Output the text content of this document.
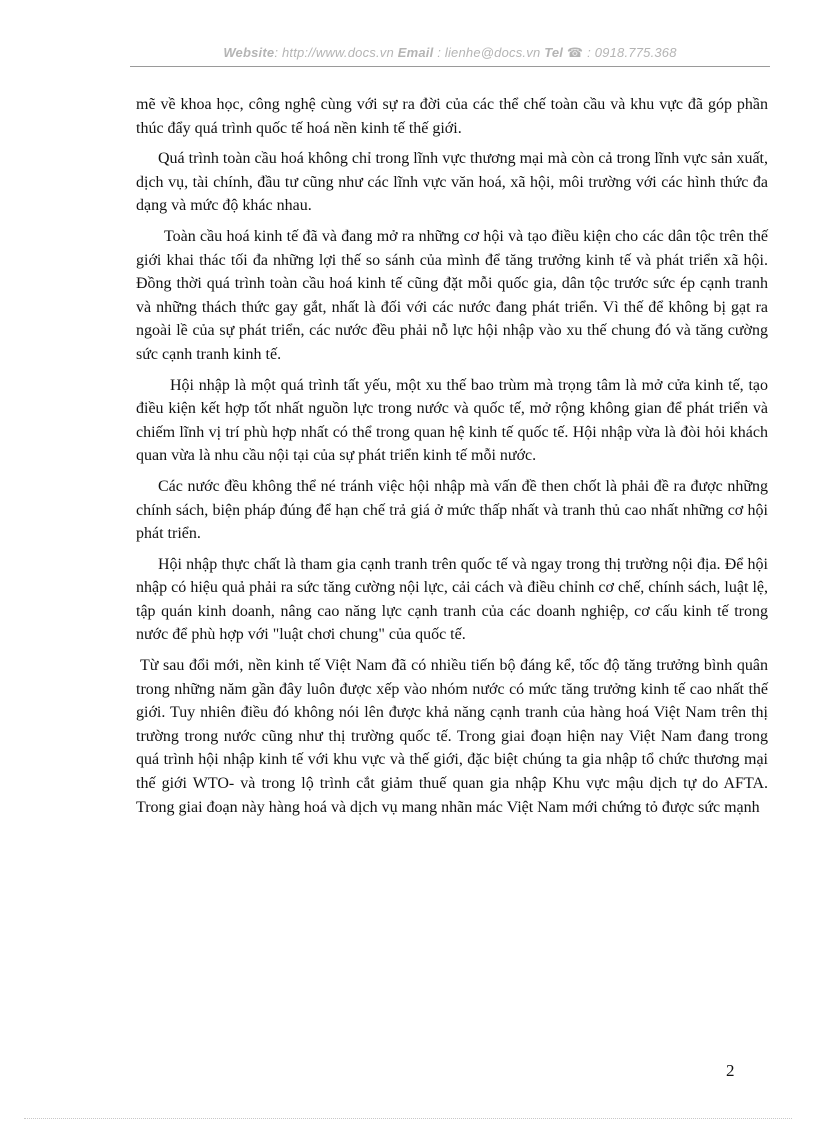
Website: http://www.docs.vn Email : lienhe@docs.vn Tel ☎ : 0918.775.368

mẽ về khoa học, công nghệ cùng với sự ra đời của các thể chế toàn cầu và khu vực đã góp phần thúc đẩy quá trình quốc tế hoá nền kinh tế thế giới.

Quá trình toàn cầu hoá không chỉ trong lĩnh vực thương mại mà còn cả trong lĩnh vực sản xuất, dịch vụ, tài chính, đầu tư cũng như các lĩnh vực văn hoá, xã hội, môi trường với các hình thức đa dạng và mức độ khác nhau.

Toàn cầu hoá kinh tế đã và đang mở ra những cơ hội và tạo điều kiện cho các dân tộc trên thế giới khai thác tối đa những lợi thế so sánh của mình để tăng trưởng kinh tế và phát triển xã hội. Đồng thời quá trình toàn cầu hoá kinh tế cũng đặt mỗi quốc gia, dân tộc trước sức ép cạnh tranh và những thách thức gay gắt, nhất là đối với các nước đang phát triển. Vì thế để không bị gạt ra ngoài lề của sự phát triển, các nước đều phải nỗ lực hội nhập vào xu thế chung đó và tăng cường sức cạnh tranh kinh tế.

Hội nhập là một quá trình tất yếu, một xu thế bao trùm mà trọng tâm là mở cửa kinh tế, tạo điều kiện kết hợp tốt nhất nguồn lực trong nước và quốc tế, mở rộng không gian để phát triển và chiếm lĩnh vị trí phù hợp nhất có thể trong quan hệ kinh tế quốc tế. Hội nhập vừa là đòi hỏi khách quan vừa là nhu cầu nội tại của sự phát triển kinh tế mỗi nước.

Các nước đều không thể né tránh việc hội nhập mà vấn đề then chốt là phải đề ra được những chính sách, biện pháp đúng để hạn chế trả giá ở mức thấp nhất và tranh thủ cao nhất những cơ hội phát triển.

Hội nhập thực chất là tham gia cạnh tranh trên quốc tế và ngay trong thị trường nội địa. Để hội nhập có hiệu quả phải ra sức tăng cường nội lực, cải cách và điều chỉnh cơ chế, chính sách, luật lệ, tập quán kinh doanh, nâng cao năng lực cạnh tranh của các doanh nghiệp, cơ cấu kinh tế trong nước để phù hợp với "luật chơi chung" của quốc tế.

Từ sau đổi mới, nền kinh tế Việt Nam đã có nhiều tiến bộ đáng kể, tốc độ tăng trưởng bình quân trong những năm gần đây luôn được xếp vào nhóm nước có mức tăng trưởng kinh tế cao nhất thế giới. Tuy nhiên điều đó không nói lên được khả năng cạnh tranh của hàng hoá Việt Nam trên thị trường trong nước cũng như thị trường quốc tế. Trong giai đoạn hiện nay Việt Nam đang trong quá trình hội nhập kinh tế với khu vực và thế giới, đặc biệt chúng ta gia nhập tổ chức thương mại thế giới WTO- và trong lộ trình cắt giảm thuế quan gia nhập Khu vực mậu dịch tự do AFTA. Trong giai đoạn này hàng hoá và dịch vụ mang nhãn mác Việt Nam mới chứng tỏ được sức mạnh

2
